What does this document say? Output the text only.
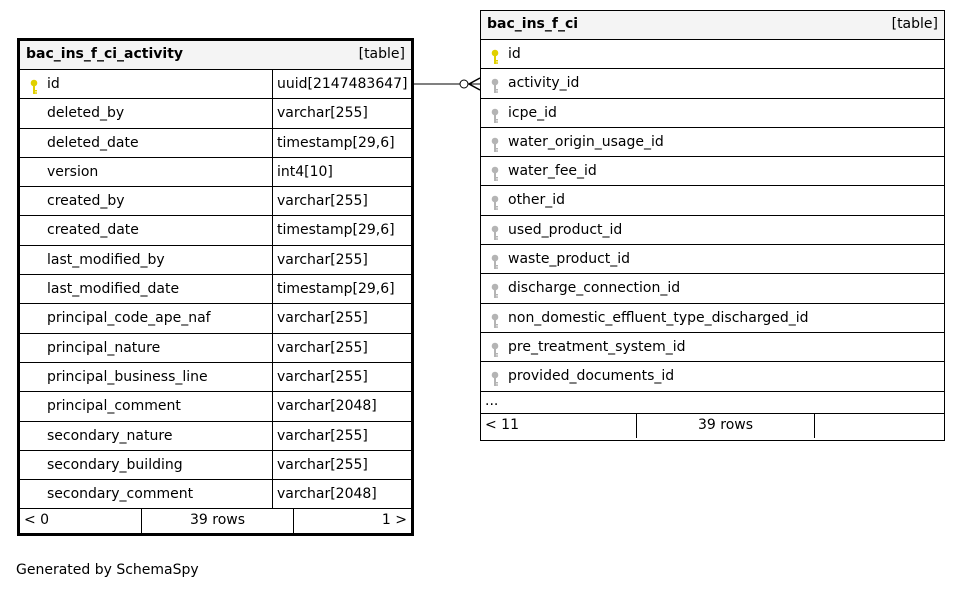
bac_ins_f_ci_activity	[table]
id	uuid[2147483647]
deleted_by	varchar[255]
deleted_date	timestamp[29,6]
version	int4[10]
created_by	varchar[255]
created_date	timestamp[29,6]
last_modified_by	varchar[255]
last_modified_date	timestamp[29,6]
principal_code_ape_naf	varchar[255]
principal_nature	varchar[255]
principal_business_line	varchar[255]
principal_comment	varchar[2048]
secondary_nature	varchar[255]
secondary_building	varchar[255]
secondary_comment	varchar[2048]
< 0	39 rows	1 >
bac_ins_f_ci	[table]
id
activity_id
icpe_id
water_origin_usage_id
water_fee_id
other_id
used_product_id
waste_product_id
discharge_connection_id
non_domestic_effluent_type_discharged_id
pre_treatment_system_id
provided_documents_id
...
< 11	39 rows
Generated by SchemaSpy
